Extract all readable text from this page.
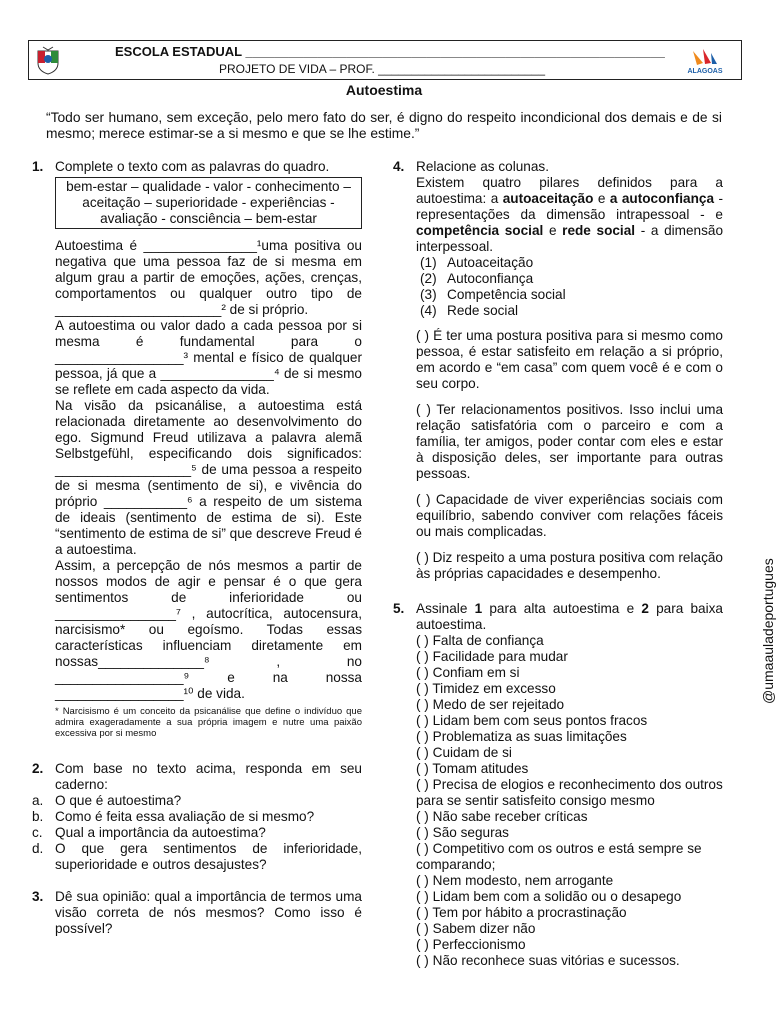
ESCOLA ESTADUAL __________________________________________________________
PROJETO DE VIDA – PROF. _________________________	ALAGOAS
Autoestima
“Todo ser humano, sem exceção, pelo mero fato do ser, é digno do respeito incondicional dos demais e de si mesmo; merece estimar-se a si mesmo e que se lhe estime.”
1. Complete o texto com as palavras do quadro.
bem-estar – qualidade - valor - conhecimento – aceitação – superioridade - experiências - avaliação - consciência – bem-estar
Autoestima é _______________¹uma positiva ou negativa que uma pessoa faz de si mesma em algum grau a partir de emoções, ações, crenças, comportamentos ou qualquer outro tipo de ______________________² de si próprio.
A autoestima ou valor dado a cada pessoa por si mesma é fundamental para o _________________³ mental e físico de qualquer pessoa, já que a _______________⁴ de si mesmo se reflete em cada aspecto da vida.
Na visão da psicanálise, a autoestima está relacionada diretamente ao desenvolvimento do ego. Sigmund Freud utilizava a palavra alemã Selbstgefühl, especificando dois significados: __________________⁵ de uma pessoa a respeito de si mesma (sentimento de si), e vivência do próprio ___________⁶ a respeito de um sistema de ideais (sentimento de estima de si). Este “sentimento de estima de si” que descreve Freud é a autoestima.
Assim, a percepção de nós mesmos a partir de nossos modos de agir e pensar é o que gera sentimentos de inferioridade ou ________________⁷ , autocrítica, autocensura, narcisismo* ou egoísmo. Todas essas características influenciam diretamente em nossas______________⁸ , no _________________⁹ e na nossa _________________¹⁰ de vida.
* Narcisismo é um conceito da psicanálise que define o indivíduo que admira exageradamente a sua própria imagem e nutre uma paixão excessiva por si mesmo
2. Com base no texto acima, responda em seu caderno:
a. O que é autoestima?
b. Como é feita essa avaliação de si mesmo?
c. Qual a importância da autoestima?
d. O que gera sentimentos de inferioridade, superioridade e outros desajustes?
3. Dê sua opinião: qual a importância de termos uma visão correta de nós mesmos? Como isso é possível?
4. Relacione as colunas.
Existem quatro pilares definidos para a autoestima: a autoaceitação e a autoconfiança - representações da dimensão intrapessoal - e competência social e rede social - a dimensão interpessoal.
(1) Autoaceitação
(2) Autoconfiança
(3) Competência social
(4) Rede social
( ) É ter uma postura positiva para si mesmo como pessoa, é estar satisfeito em relação a si próprio, em acordo e “em casa” com quem você é e com o seu corpo.
( ) Ter relacionamentos positivos. Isso inclui uma relação satisfatória com o parceiro e com a família, ter amigos, poder contar com eles e estar à disposição deles, ser importante para outras pessoas.
( ) Capacidade de viver experiências sociais com equilíbrio, sabendo conviver com relações fáceis ou mais complicadas.
( ) Diz respeito a uma postura positiva com relação às próprias capacidades e desempenho.
5. Assinale 1 para alta autoestima e 2 para baixa autoestima.
( ) Falta de confiança
( ) Facilidade para mudar
( ) Confiam em si
( ) Timidez em excesso
( ) Medo de ser rejeitado
( ) Lidam bem com seus pontos fracos
( ) Problematiza as suas limitações
( ) Cuidam de si
( ) Tomam atitudes
( ) Precisa de elogios e reconhecimento dos outros para se sentir satisfeito consigo mesmo
( ) Não sabe receber críticas
( ) São seguras
( ) Competitivo com os outros e está sempre se comparando;
( ) Nem modesto, nem arrogante
( ) Lidam bem com a solidão ou o desapego
( ) Tem por hábito a procrastinação
( ) Sabem dizer não
( ) Perfeccionismo
( ) Não reconhece suas vitórias e sucessos.
@umaauladeportugues
